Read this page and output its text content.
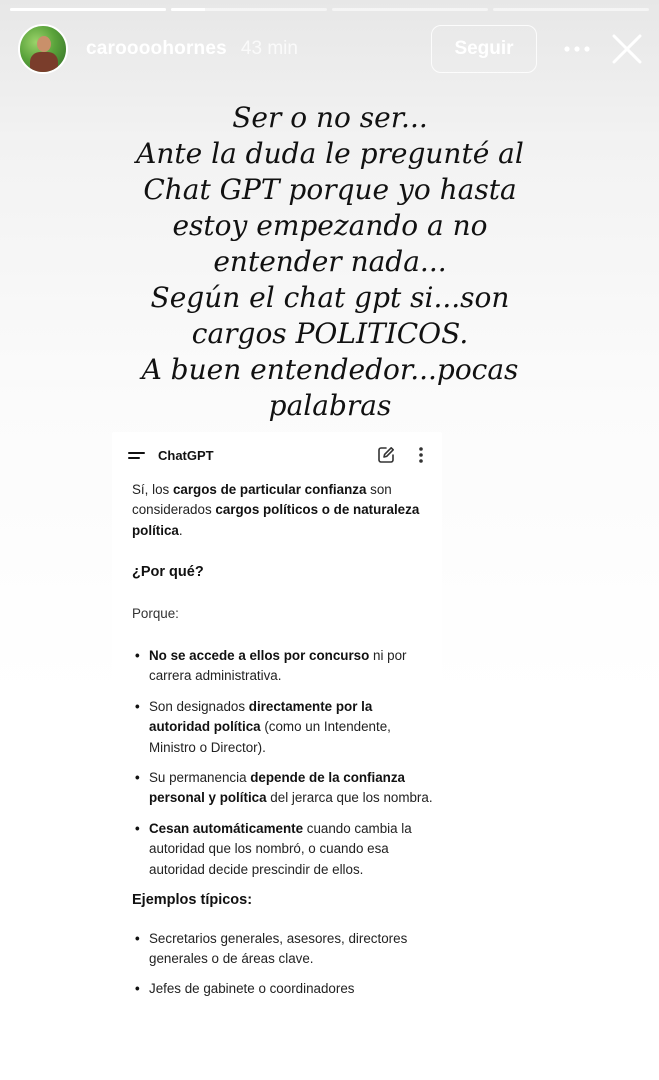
caroooohornes 43 min	Seguir
Ser o no ser...
Ante la duda le pregunté al
Chat GPT porque yo hasta
estoy empezando a no
entender nada...
Según el chat gpt si...son
cargos POLITICOS.
A buen entendedor...pocas
palabras
ChatGPT

Sí, los cargos de particular confianza son considerados cargos políticos o de naturaleza política.

¿Por qué?

Porque:

• No se accede a ellos por concurso ni por carrera administrativa.
• Son designados directamente por la autoridad política (como un Intendente, Ministro o Director).
• Su permanencia depende de la confianza personal y política del jerarca que los nombra.
• Cesan automáticamente cuando cambia la autoridad que los nombró, o cuando esa autoridad decide prescindir de ellos.

Ejemplos típicos:

• Secretarios generales, asesores, directores generales o de áreas clave.
• Jefes de gabinete o coordinadores
